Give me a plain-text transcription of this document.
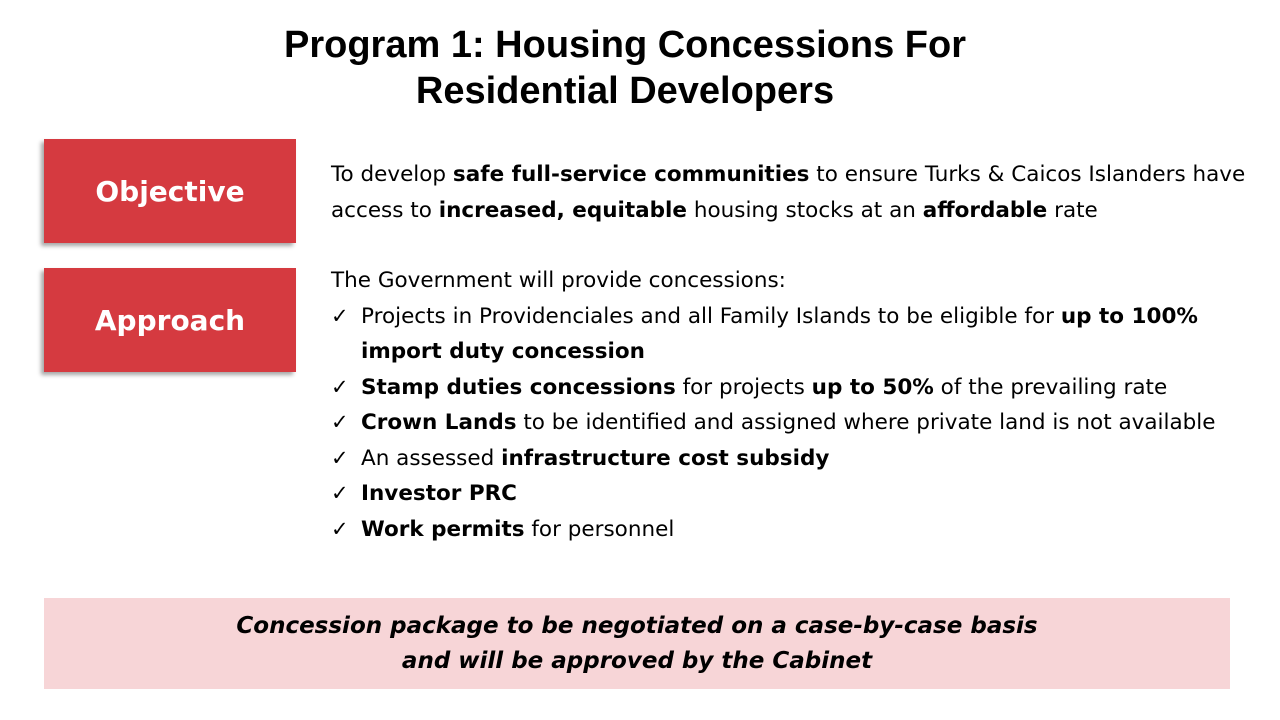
Program 1: Housing Concessions For
Residential Developers
Objective	To develop safe full-service communities to ensure Turks & Caicos Islanders have access to increased, equitable housing stocks at an affordable rate
Approach
The Government will provide concessions:
✓ Projects in Providenciales and all Family Islands to be eligible for up to 100% import duty concession
✓ Stamp duties concessions for projects up to 50% of the prevailing rate
✓ Crown Lands to be identified and assigned where private land is not available
✓ An assessed infrastructure cost subsidy
✓ Investor PRC
✓ Work permits for personnel
Concession package to be negotiated on a case-by-case basis
and will be approved by the Cabinet
